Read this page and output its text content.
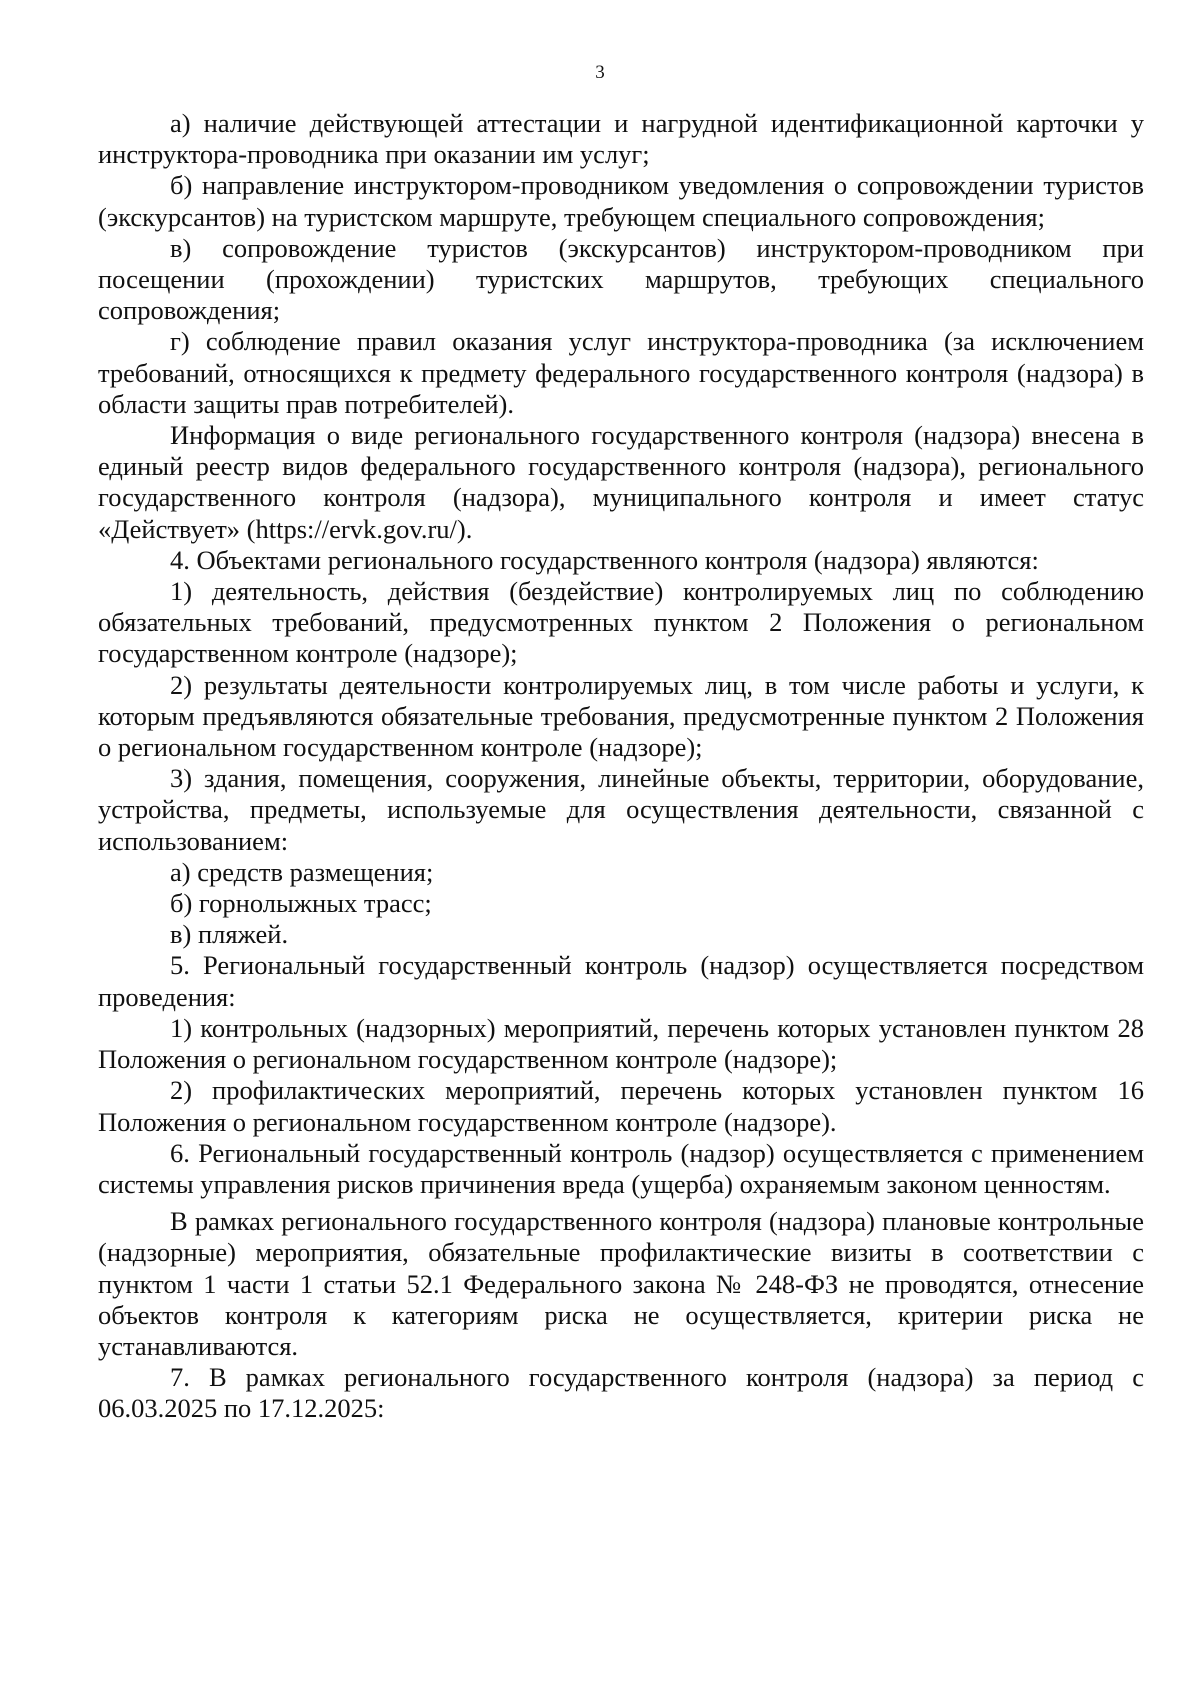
3

а) наличие действующей аттестации и нагрудной идентификационной карточки у инструктора-проводника при оказании им услуг;

б) направление инструктором-проводником уведомления о сопровождении туристов (экскурсантов) на туристском маршруте, требующем специального сопровождения;

в) сопровождение туристов (экскурсантов) инструктором-проводником при посещении (прохождении) туристских маршрутов, требующих специального сопровождения;

г) соблюдение правил оказания услуг инструктора-проводника (за исключением требований, относящихся к предмету федерального государственного контроля (надзора) в области защиты прав потребителей).

Информация о виде регионального государственного контроля (надзора) внесена в единый реестр видов федерального государственного контроля (надзора), регионального государственного контроля (надзора), муниципального контроля и имеет статус «Действует» (https://ervk.gov.ru/).

4. Объектами регионального государственного контроля (надзора) являются:

1) деятельность, действия (бездействие) контролируемых лиц по соблюдению обязательных требований, предусмотренных пунктом 2 Положения о региональном государственном контроле (надзоре);

2) результаты деятельности контролируемых лиц, в том числе работы и услуги, к которым предъявляются обязательные требования, предусмотренные пунктом 2 Положения о региональном государственном контроле (надзоре);

3) здания, помещения, сооружения, линейные объекты, территории, оборудование, устройства, предметы, используемые для осуществления деятельности, связанной с использованием:

а) средств размещения;

б) горнолыжных трасс;

в) пляжей.

5. Региональный государственный контроль (надзор) осуществляется посредством проведения:

1) контрольных (надзорных) мероприятий, перечень которых установлен пунктом 28 Положения о региональном государственном контроле (надзоре);

2) профилактических мероприятий, перечень которых установлен пунктом 16 Положения о региональном государственном контроле (надзоре).

6. Региональный государственный контроль (надзор) осуществляется с применением системы управления рисков причинения вреда (ущерба) охраняемым законом ценностям.

В рамках регионального государственного контроля (надзора) плановые контрольные (надзорные) мероприятия, обязательные профилактические визиты в соответствии с пунктом 1 части 1 статьи 52.1 Федерального закона № 248-ФЗ не проводятся, отнесение объектов контроля к категориям риска не осуществляется, критерии риска не устанавливаются.

7. В рамках регионального государственного контроля (надзора) за период с 06.03.2025 по 17.12.2025:
